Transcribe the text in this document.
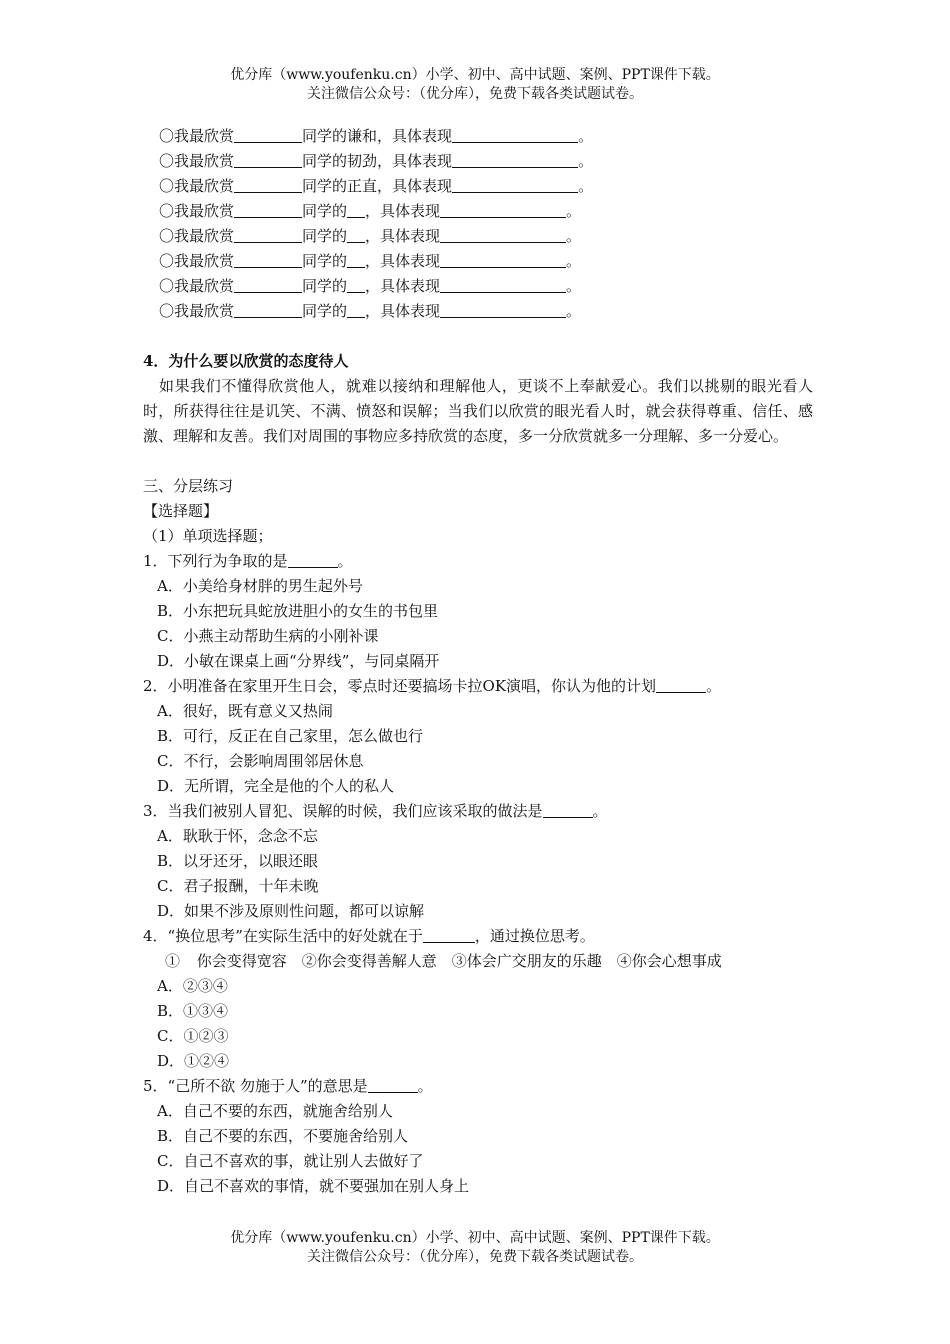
优分库（www.youfenku.cn）小学、初中、高中试题、案例、PPT课件下载。
关注微信公众号：（优分库），免费下载各类试题试卷。
〇我最欣赏	同学的谦和，具体表现	。
〇我最欣赏	同学的韧劲，具体表现	。
〇我最欣赏	同学的正直，具体表现	。
〇我最欣赏	同学的 ，具体表现	。
〇我最欣赏	同学的 ，具体表现	。
〇我最欣赏	同学的 ，具体表现	。
〇我最欣赏	同学的 ，具体表现	。
〇我最欣赏	同学的 ，具体表现	。
4．为什么要以欣赏的态度待人
如果我们不懂得欣赏他人，就难以接纳和理解他人，更谈不上奉献爱心。我们以挑剔的眼光看人时，所获得往往是讥笑、不满、愤怒和误解；当我们以欣赏的眼光看人时，就会获得尊重、信任、感激、理解和友善。我们对周围的事物应多持欣赏的态度，多一分欣赏就多一分理解、多一分爱心。
三、分层练习
【选择题】
（1）单项选择题；
1．下列行为争取的是	。
A．小美给身材胖的男生起外号
B．小东把玩具蛇放进胆小的女生的书包里
C．小燕主动帮助生病的小刚补课
D．小敏在课桌上画“分界线”，与同桌隔开
2．小明准备在家里开生日会，零点时还要搞场卡拉OK演唱，你认为他的计划	。
A．很好，既有意义又热闹
B．可行，反正在自己家里，怎么做也行
C．不行，会影响周围邻居休息
D．无所谓，完全是他的个人的私人
3．当我们被别人冒犯、误解的时候，我们应该采取的做法是	。
A．耿耿于怀，念念不忘
B．以牙还牙，以眼还眼
C．君子报酬，十年未晚
D．如果不涉及原则性问题，都可以谅解
4．“换位思考”在实际生活中的好处就在于	，通过换位思考。
① 你会变得宽容　②你会变得善解人意　③体会广交朋友的乐趣　④你会心想事成
A．②③④
B．①③④
C．①②③
D．①②④
5．“己所不欲 勿施于人”的意思是	。
A．自己不要的东西，就施舍给别人
B．自己不要的东西，不要施舍给别人
C．自己不喜欢的事，就让别人去做好了
D．自己不喜欢的事情，就不要强加在别人身上
优分库（www.youfenku.cn）小学、初中、高中试题、案例、PPT课件下载。
关注微信公众号：（优分库），免费下载各类试题试卷。
